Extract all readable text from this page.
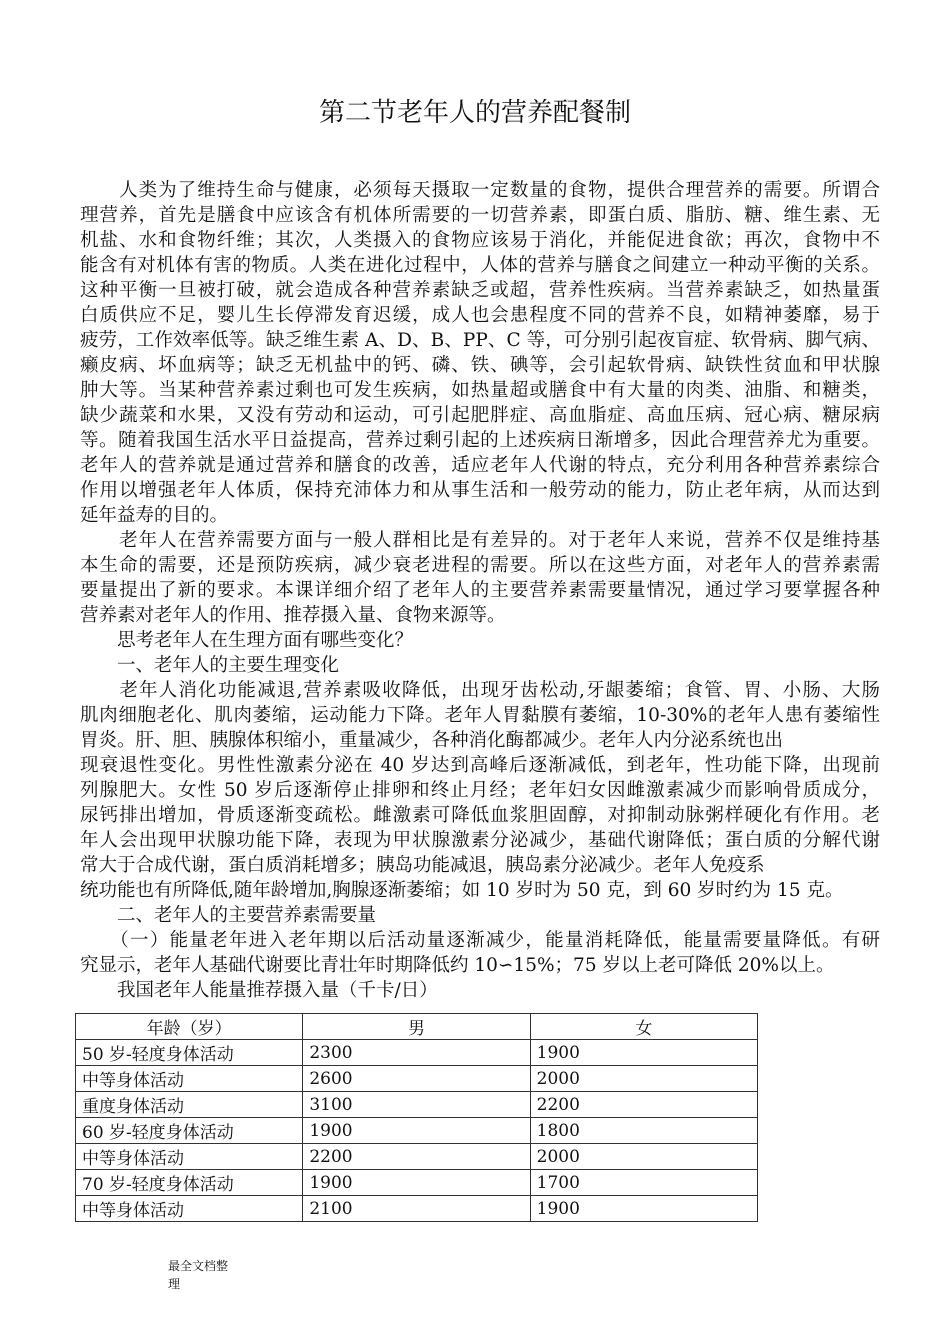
第二节老年人的营养配餐制
　　人类为了维持生命与健康，必须每天摄取一定数量的食物，提供合理营养的需要。所谓合
理营养，首先是膳食中应该含有机体所需要的一切营养素，即蛋白质、脂肪、糖、维生素、无
机盐、水和食物纤维；其次，人类摄入的食物应该易于消化，并能促进食欲；再次，食物中不
能含有对机体有害的物质。人类在进化过程中，人体的营养与膳食之间建立一种动平衡的关系。
这种平衡一旦被打破，就会造成各种营养素缺乏或超，营养性疾病。当营养素缺乏，如热量蛋
白质供应不足，婴儿生长停滞发育迟缓，成人也会患程度不同的营养不良，如精神萎靡，易于
疲劳，工作效率低等。缺乏维生素 A、D、B、PP、C 等，可分别引起夜盲症、软骨病、脚气病、
癞皮病、坏血病等；缺乏无机盐中的钙、磷、铁、碘等，会引起软骨病、缺铁性贫血和甲状腺
肿大等。当某种营养素过剩也可发生疾病，如热量超或膳食中有大量的肉类、油脂、和糖类，
缺少蔬菜和水果，又没有劳动和运动，可引起肥胖症、高血脂症、高血压病、冠心病、糖尿病
等。随着我国生活水平日益提高，营养过剩引起的上述疾病日渐增多，因此合理营养尤为重要。
老年人的营养就是通过营养和膳食的改善，适应老年人代谢的特点，充分利用各种营养素综合
作用以增强老年人体质，保持充沛体力和从事生活和一般劳动的能力，防止老年病，从而达到
延年益寿的目的。
　　老年人在营养需要方面与一般人群相比是有差异的。对于老年人来说，营养不仅是维持基
本生命的需要，还是预防疾病，减少衰老进程的需要。所以在这些方面，对老年人的营养素需
要量提出了新的要求。本课详细介绍了老年人的主要营养素需要量情况，通过学习要掌握各种
营养素对老年人的作用、推荐摄入量、食物来源等。
　　思考老年人在生理方面有哪些变化？
　　一、老年人的主要生理变化
　　老年人消化功能减退,营养素吸收降低，出现牙齿松动,牙龈萎缩；食管、胃、小肠、大肠
肌肉细胞老化、肌肉萎缩，运动能力下降。老年人胃黏膜有萎缩，10-30%的老年人患有萎缩性
胃炎。肝、胆、胰腺体积缩小，重量减少，各种消化酶都减少。老年人内分泌系统也出
现衰退性变化。男性性激素分泌在 40 岁达到高峰后逐渐减低，到老年，性功能下降，出现前
列腺肥大。女性 50 岁后逐渐停止排卵和终止月经；老年妇女因雌激素减少而影响骨质成分，
尿钙排出增加，骨质逐渐变疏松。雌激素可降低血浆胆固醇，对抑制动脉粥样硬化有作用。老
年人会出现甲状腺功能下降，表现为甲状腺激素分泌减少，基础代谢降低；蛋白质的分解代谢
常大于合成代谢，蛋白质消耗增多；胰岛功能减退，胰岛素分泌减少。老年人免疫系
统功能也有所降低,随年龄增加,胸腺逐渐萎缩；如 10 岁时为 50 克，到 60 岁时约为 15 克。
　　二、老年人的主要营养素需要量
　　（一）能量老年进入老年期以后活动量逐渐减少，能量消耗降低，能量需要量降低。有研
究显示，老年人基础代谢要比青壮年时期降低约 10∽15%；75 岁以上老可降低 20%以上。
　　我国老年人能量推荐摄入量（千卡/日）
年龄（岁）	男	女
50 岁-轻度身体活动	2300	1900
中等身体活动	2600	2000
重度身体活动	3100	2200
60 岁-轻度身体活动	1900	1800
中等身体活动	2200	2000
70 岁-轻度身体活动	1900	1700
中等身体活动	2100	1900
最全文档整
理
